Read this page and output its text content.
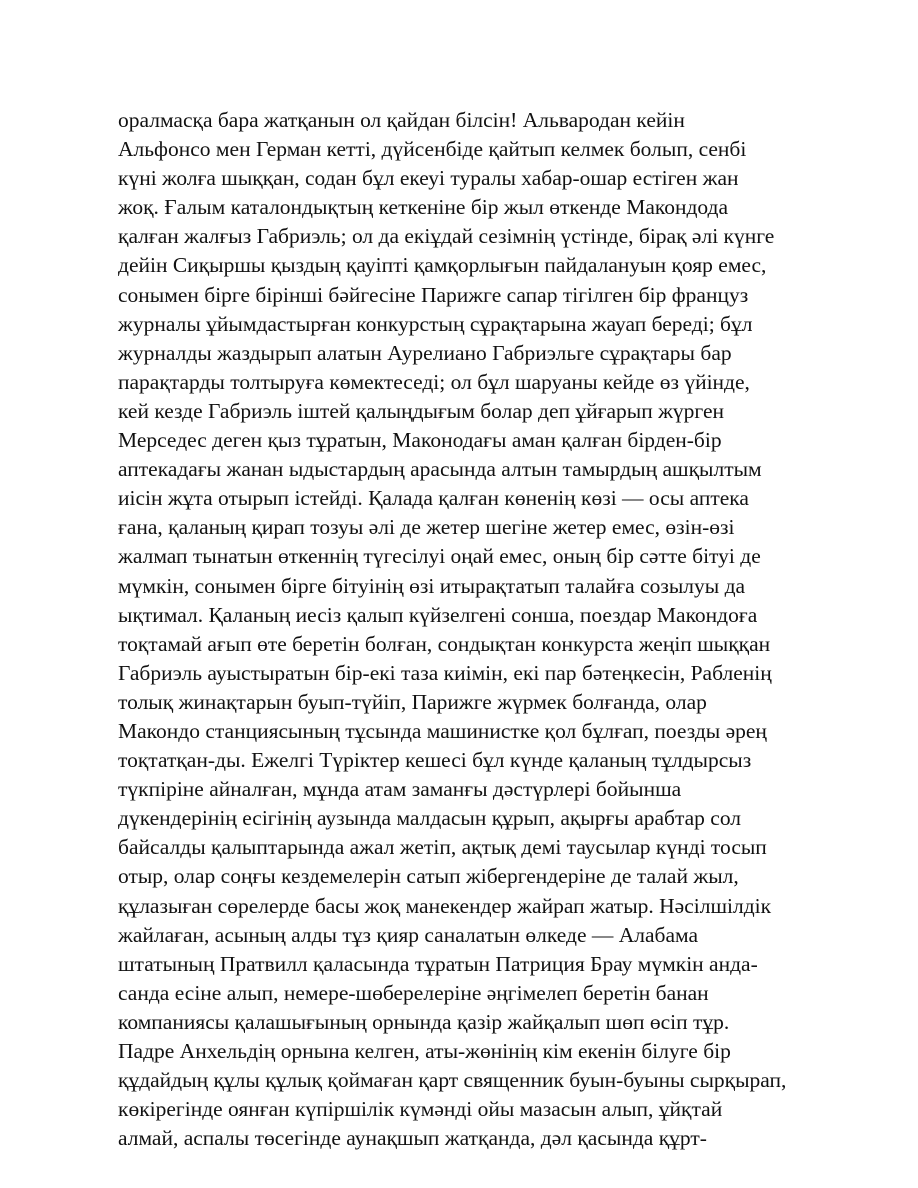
оралмасқа бара жатқанын ол қайдан білсін! Альвародан кейін
Альфонсо мен Герман кетті, дүйсенбіде қайтып келмек болып, сенбі
күні жолға шыққан, содан бұл екеуі туралы хабар-ошар естіген жан
жоқ. Ғалым каталондықтың кеткеніне бір жыл өткенде Макондода
қалған жалғыз Габриэль; ол да екіұдай сезімнің үстінде, бірақ әлі күнге
дейін Сиқыршы қыздың қауіпті қамқорлығын пайдалануын қояр емес,
сонымен бірге бірінші бәйгесіне Парижге сапар тігілген бір француз
журналы ұйымдастырған конкурстың сұрақтарына жауап береді; бұл
журналды жаздырып алатын Аурелиано Габриэльге сұрақтары бар
парақтарды толтыруға көмектеседі; ол бұл шаруаны кейде өз үйінде,
кей кезде Габриэль іштей қалыңдығым болар деп ұйғарып жүрген
Мерседес деген қыз тұратын, Маконодағы аман қалған бірден-бір
аптекадағы жанан ыдыстардың арасында алтын тамырдың ашқылтым
иісін жұта отырып істейді. Қалада қалған көненің көзі — осы аптека
ғана, қаланың қирап тозуы әлі де жетер шегіне жетер емес, өзін-өзі
жалмап тынатын өткеннің түгесілуі оңай емес, оның бір сәтте бітуі де
мүмкін, сонымен бірге бітуінің өзі итырақтатып талайға созылуы да
ықтимал. Қаланың иесіз қалып күйзелгені сонша, поездар Макондоға
тоқтамай ағып өте беретін болған, сондықтан конкурста жеңіп шыққан
Габриэль ауыстыратын бір-екі таза киімін, екі пар бәтеңкесін, Рабленің
толық жинақтарын буып-түйіп, Парижге жүрмек болғанда, олар
Макондо станциясының тұсында машинистке қол бұлғап, поезды әрең
тоқтатқан-ды. Ежелгі Түріктер кешесі бұл күнде қаланың тұлдырсыз
түкпіріне айналған, мұнда атам заманғы дәстүрлері бойынша
дүкендерінің есігінің аузында малдасын құрып, ақырғы арабтар сол
байсалды қалыптарында ажал жетіп, ақтық демі таусылар күнді тосып
отыр, олар соңғы кездемелерін сатып жібергендеріне де талай жыл,
құлазыған сөрелерде басы жоқ манекендер жайрап жатыр. Нәсілшілдік
жайлаған, асының алды тұз қияр саналатын өлкеде — Алабама
штатының Пратвилл қаласында тұратын Патриция Брау мүмкін анда-
санда есіне алып, немере-шөберелеріне әңгімелеп беретін банан
компаниясы қалашығының орнында қазір жайқалып шөп өсіп тұр.
Падре Анхельдің орнына келген, аты-жөнінің кім екенін білуге бір
құдайдың құлы құлық қоймаған қарт священник буын-буыны сырқырап,
көкірегінде оянған күпіршілік күмәнді ойы мазасын алып, ұйқтай
алмай, аспалы төсегінде аунақшып жатқанда, дәл қасында құрт-
